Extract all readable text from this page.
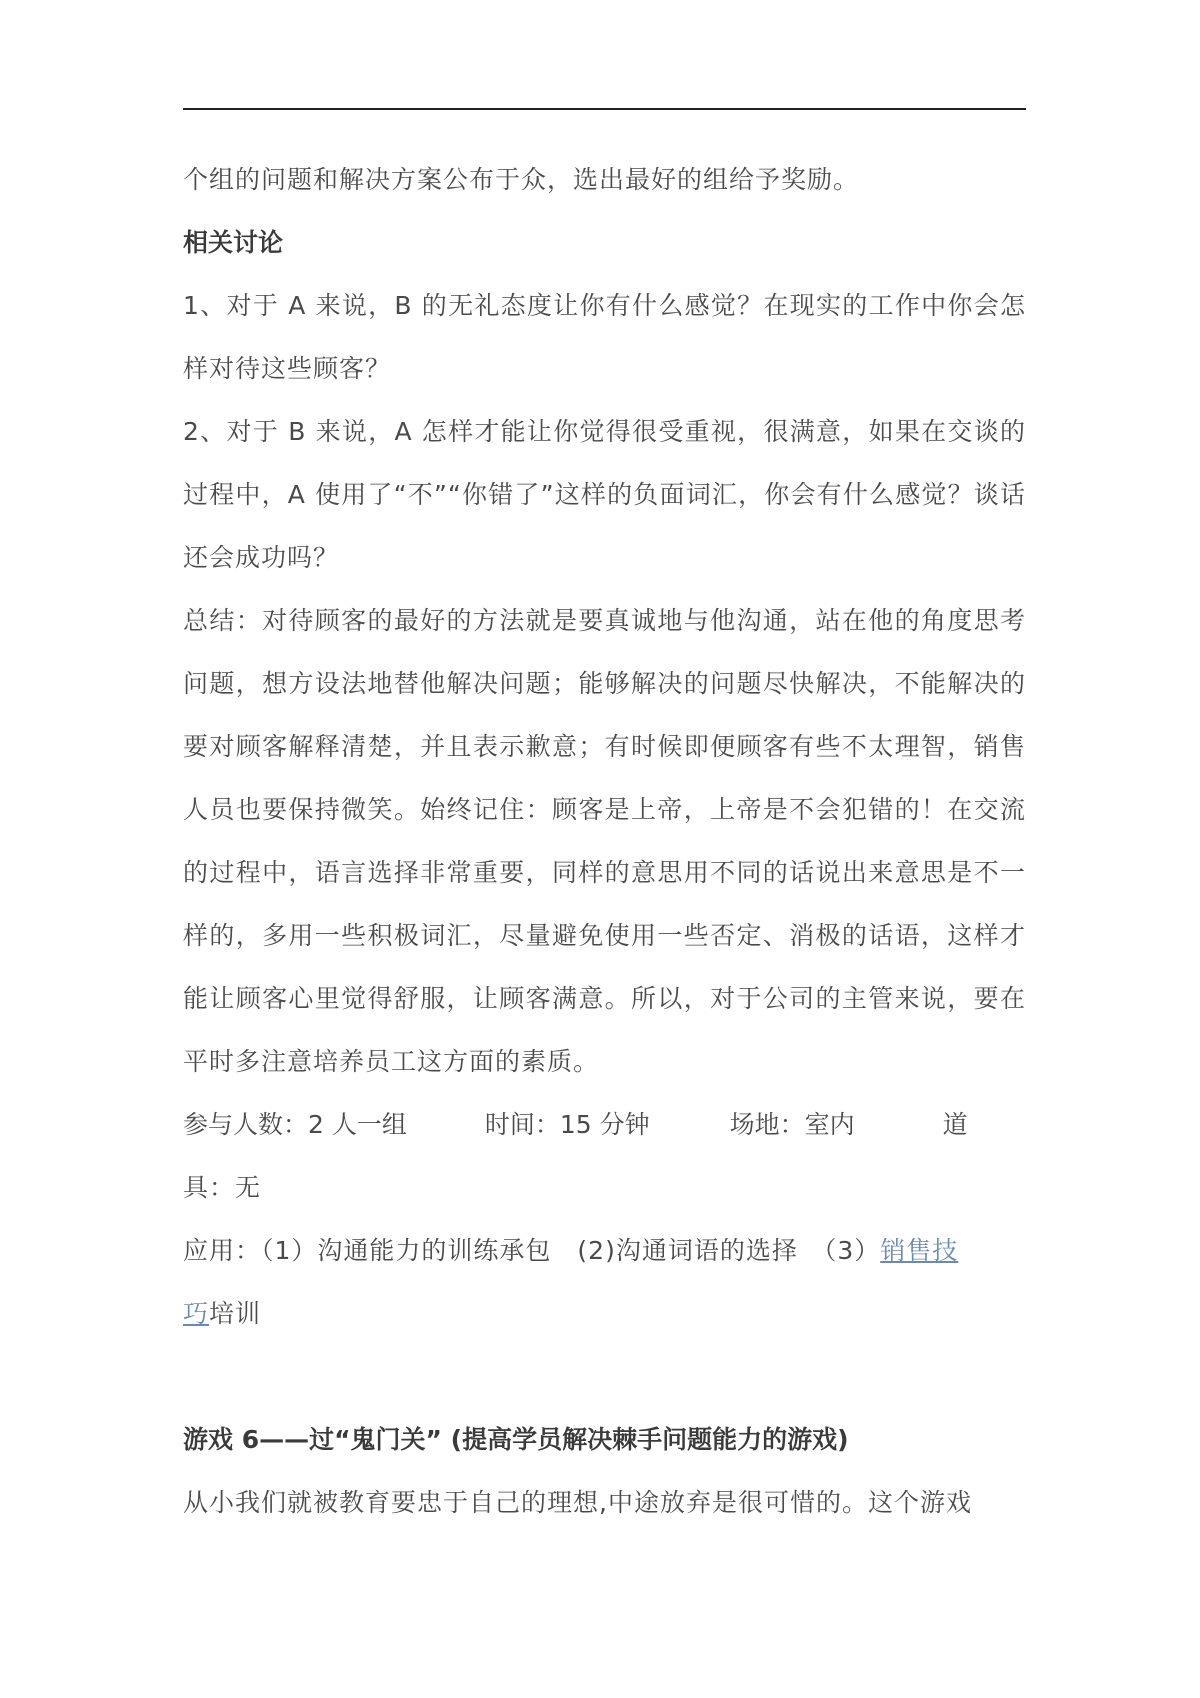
个组的问题和解决方案公布于众，选出最好的组给予奖励。

相关讨论

1、对于 A 来说，B 的无礼态度让你有什么感觉？在现实的工作中你会怎样对待这些顾客？

2、对于 B 来说，A 怎样才能让你觉得很受重视，很满意，如果在交谈的过程中，A 使用了“不”“你错了”这样的负面词汇，你会有什么感觉？谈话还会成功吗？

总结：对待顾客的最好的方法就是要真诚地与他沟通，站在他的角度思考问题，想方设法地替他解决问题；能够解决的问题尽快解决，不能解决的要对顾客解释清楚，并且表示歉意；有时候即便顾客有些不太理智，销售人员也要保持微笑。始终记住：顾客是上帝，上帝是不会犯错的！在交流的过程中，语言选择非常重要，同样的意思用不同的话说出来意思是不一样的，多用一些积极词汇，尽量避免使用一些否定、消极的话语，这样才能让顾客心里觉得舒服，让顾客满意。所以，对于公司的主管来说，要在平时多注意培养员工这方面的素质。

参与人数：2 人一组	时间：15 分钟	场地：室内	道

具：无

应用：（1）沟通能力的训练承包　(2)沟通词语的选择　（3）销售技
巧培训

游戏 6——过“鬼门关” (提高学员解决棘手问题能力的游戏)

从小我们就被教育要忠于自己的理想,中途放弃是很可惜的。这个游戏
